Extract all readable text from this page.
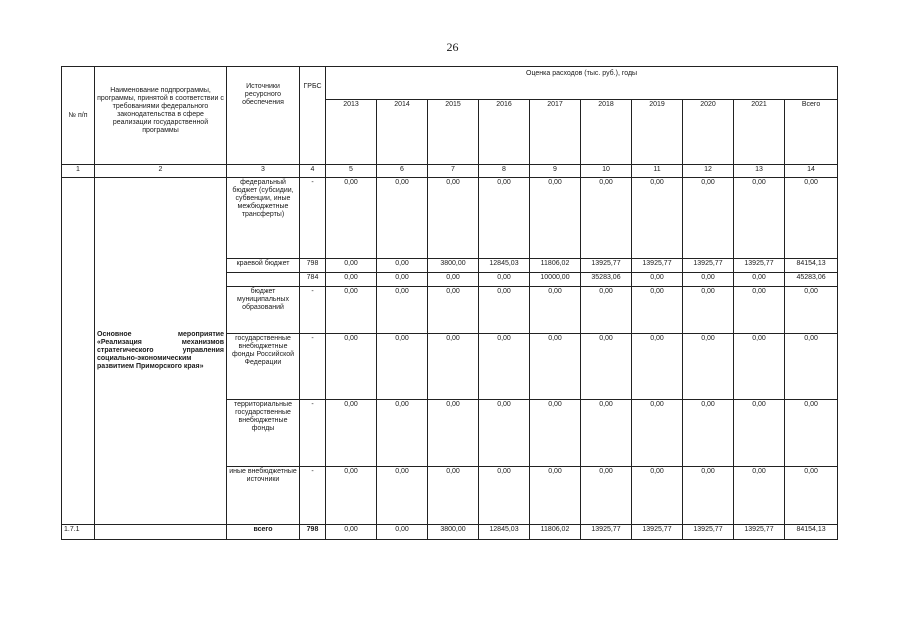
26
№ п/п	Наименование подпрограммы, программы, принятой в соответствии с требованиями федерального законодательства в сфере реализации государственной программы	Источники ресурсного обеспечения	ГРБС	Оценка расходов (тыс. руб.), годы									
				2013	2014	2015	2016	2017	2018	2019	2020	2021	Всего
1	2	3	4	5	6	7	8	9	10	11	12	13	14

	Основное мероприятие «Реализация механизмов стратегического управления социально-экономическим развитием Приморского края»	федеральный бюджет (субсидии, субвенции, иные межбюджетные трансферты)	-	0,00	0,00	0,00	0,00	0,00	0,00	0,00	0,00	0,00	0,00
		краевой бюджет	798	0,00	0,00	3800,00	12845,03	11806,02	13925,77	13925,77	13925,77	13925,77	84154,13
			784	0,00	0,00	0,00	0,00	10000,00	35283,06	0,00	0,00	0,00	45283,06
		бюджет муниципальных образований	-	0,00	0,00	0,00	0,00	0,00	0,00	0,00	0,00	0,00	0,00
		государственные внебюджетные фонды Российской Федерации	-	0,00	0,00	0,00	0,00	0,00	0,00	0,00	0,00	0,00	0,00
		территориальные государственные внебюджетные фонды	-	0,00	0,00	0,00	0,00	0,00	0,00	0,00	0,00	0,00	0,00
		иные внебюджетные источники	-	0,00	0,00	0,00	0,00	0,00	0,00	0,00	0,00	0,00	0,00
1.7.1		всего	798	0,00	0,00	3800,00	12845,03	11806,02	13925,77	13925,77	13925,77	13925,77	84154,13
